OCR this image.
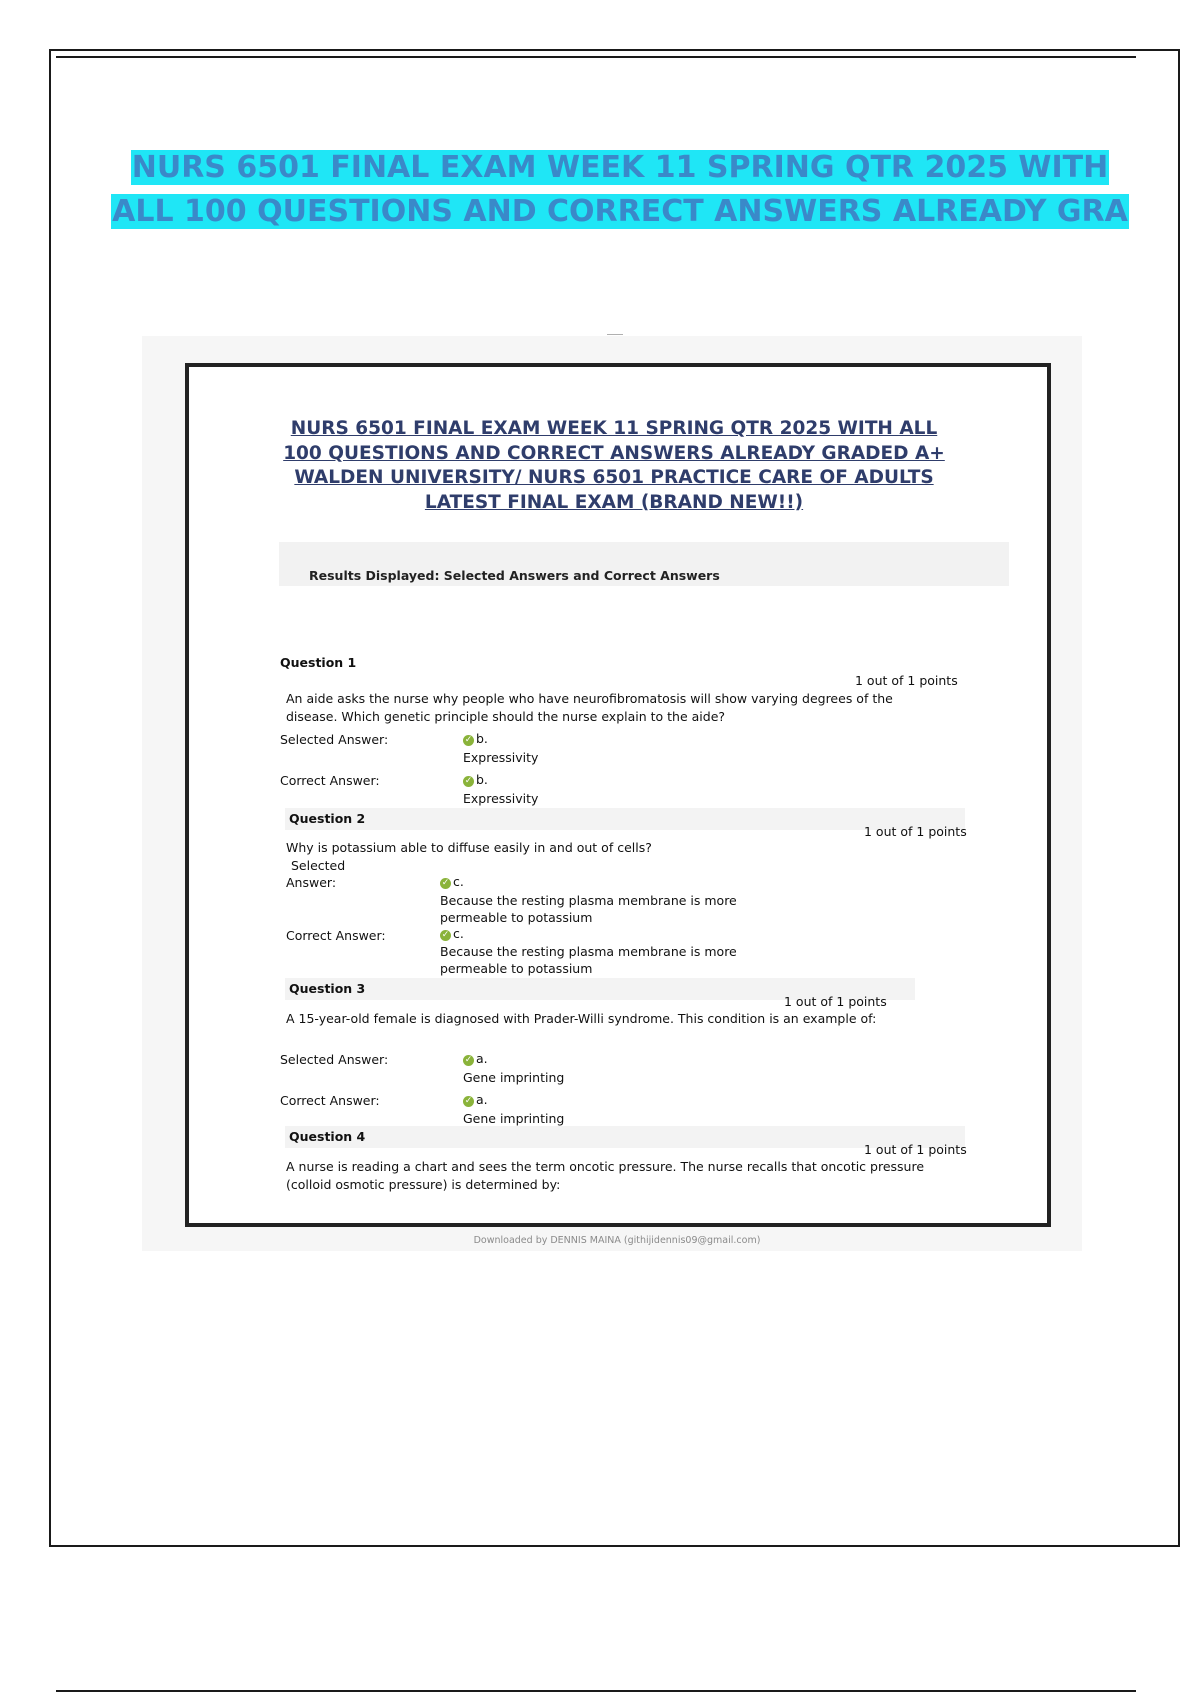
NURS 6501 FINAL EXAM WEEK 11 SPRING QTR 2025 WITH ALL 100 QUESTIONS AND CORRECT ANSWERS ALREADY GRA
NURS 6501 FINAL EXAM WEEK 11 SPRING QTR 2025 WITH ALL 100 QUESTIONS AND CORRECT ANSWERS ALREADY GRADED A+ WALDEN UNIVERSITY/ NURS 6501 PRACTICE CARE OF ADULTS LATEST FINAL EXAM (BRAND NEW!!)
Results Displayed: Selected Answers and Correct Answers
Question 1
1 out of 1 points
An aide asks the nurse why people who have neurofibromatosis will show varying degrees of the disease. Which genetic principle should the nurse explain to the aide?
Selected Answer:	✓ b.
Expressivity
Correct Answer:	✓ b.
Expressivity
Question 2
1 out of 1 points
Why is potassium able to diffuse easily in and out of cells?
Selected
Answer:	✓ c.
Because the resting plasma membrane is more permeable to potassium
Correct Answer:	✓ c.
Because the resting plasma membrane is more permeable to potassium
Question 3
1 out of 1 points
A 15-year-old female is diagnosed with Prader-Willi syndrome. This condition is an example of:
Selected Answer:	✓ a.
Gene imprinting
Correct Answer:	✓ a.
Gene imprinting
Question 4
1 out of 1 points
A nurse is reading a chart and sees the term oncotic pressure. The nurse recalls that oncotic pressure (colloid osmotic pressure) is determined by:
Downloaded by DENNIS MAINA (githijidennis09@gmail.com)
